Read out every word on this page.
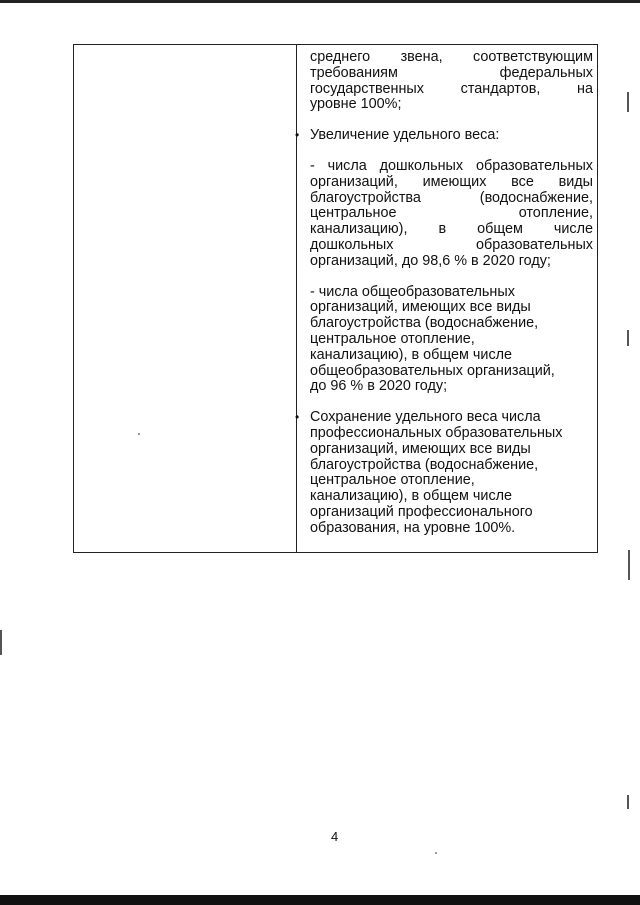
среднего звена, соответствующим

требованиям федеральных

государственных стандартов, на

уровне 100%;

• Увеличение удельного веса:

- числа дошкольных образовательных

организаций, имеющих все виды

благоустройства (водоснабжение,

центральное отопление,

канализацию), в общем числе

дошкольных образовательных

организаций, до 98,6 % в 2020 году;

- числа общеобразовательных

организаций, имеющих все виды

благоустройства (водоснабжение,

центральное отопление,

канализацию), в общем числе

общеобразовательных организаций,

до 96 % в 2020 году;

• Сохранение удельного веса числа

профессиональных образовательных

организаций, имеющих все виды

благоустройства (водоснабжение,

центральное отопление,

канализацию), в общем числе

организаций профессионального

образования, на уровне 100%.

4
